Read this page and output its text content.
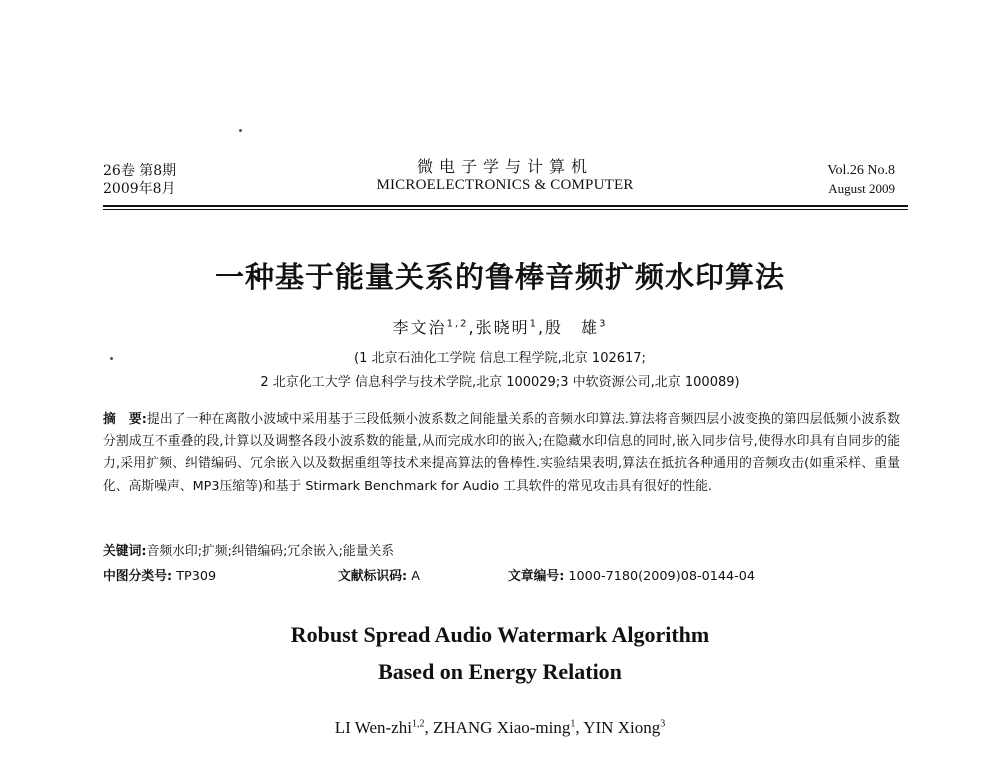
26卷 第8期
2009年8月
微电子学与计算机
MICROELECTRONICS & COMPUTER
Vol.26 No.8
August 2009
一种基于能量关系的鲁棒音频扩频水印算法
李文治$^{1,2}$,张晓明$^1$,殷　雄$^3$
(1 北京石油化工学院 信息工程学院,北京 102617;
2 北京化工大学 信息科学与技术学院,北京 100029;3 中软资源公司,北京 100089)
摘　要:提出了一种在离散小波域中采用基于三段低频小波系数之间能量关系的音频水印算法.算法将音频四层小波变换的第四层低频小波系数分割成互不重叠的段,计算以及调整各段小波系数的能量,从而完成水印的嵌入;在隐藏水印信息的同时,嵌入同步信号,使得水印具有自同步的能力,采用扩频、纠错编码、冗余嵌入以及数据重组等技术来提高算法的鲁棒性.实验结果表明,算法在抵抗各种通用的音频攻击(如重采样、重量化、高斯噪声、MP3压缩等)和基于 Stirmark Benchmark for Audio 工具软件的常见攻击具有很好的性能.
关键词:音频水印;扩频;纠错编码;冗余嵌入;能量关系
中图分类号: TP309	文献标识码: A	文章编号: 1000-7180(2009)08-0144-04
Robust Spread Audio Watermark Algorithm
Based on Energy Relation
LI Wen-zhi$^{1,2}$, ZHANG Xiao-ming$^1$, YIN Xiong$^3$
